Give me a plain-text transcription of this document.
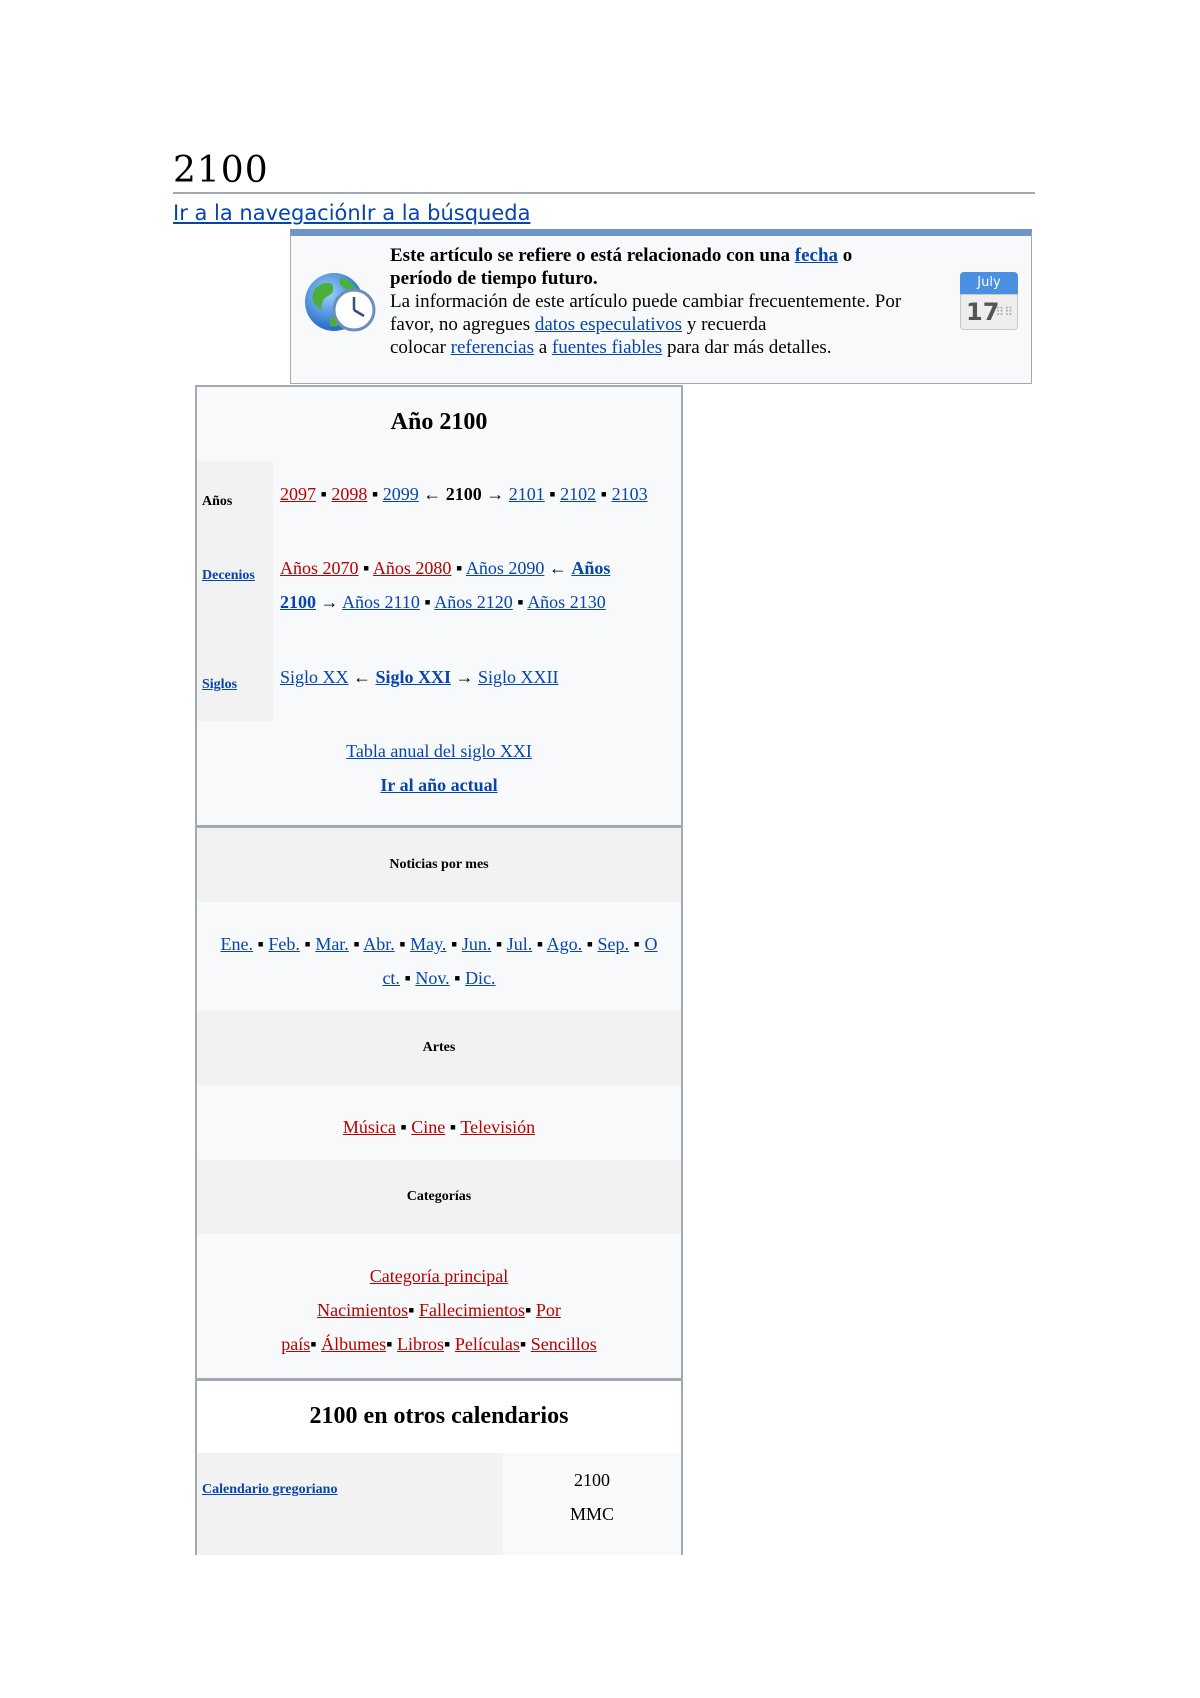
2100
Ir a la navegaciónIr a la búsqueda
Este artículo se refiere o está relacionado con una fecha o
período de tiempo futuro.
La información de este artículo puede cambiar frecuentemente. Por
favor, no agregues datos especulativos y recuerda
colocar referencias a fuentes fiables para dar más detalles.
July
17
⠿⠿
Año 2100
Años	2097 ▪ 2098 ▪ 2099 ← 2100 → 2101 ▪ 2102 ▪ 2103
Decenios Años 2070 ▪ Años 2080 ▪ Años 2090 ← Años
2100 → Años 2110 ▪ Años 2120 ▪ Años 2130
Siglos Siglo XX ← Siglo XXI → Siglo XXII
Tabla anual del siglo XXI
Ir al año actual
Noticias por mes
Ene. ▪ Feb. ▪ Mar. ▪ Abr. ▪ May. ▪ Jun. ▪ Jul. ▪ Ago. ▪ Sep. ▪ O
ct. ▪ Nov. ▪ Dic.
Artes
Música ▪ Cine ▪ Televisión
Categorías
Categoría principal
Nacimientos▪ Fallecimientos▪ Por
país▪ Álbumes▪ Libros▪ Películas▪ Sencillos
2100 en otros calendarios
Calendario gregoriano	2100
MMC
